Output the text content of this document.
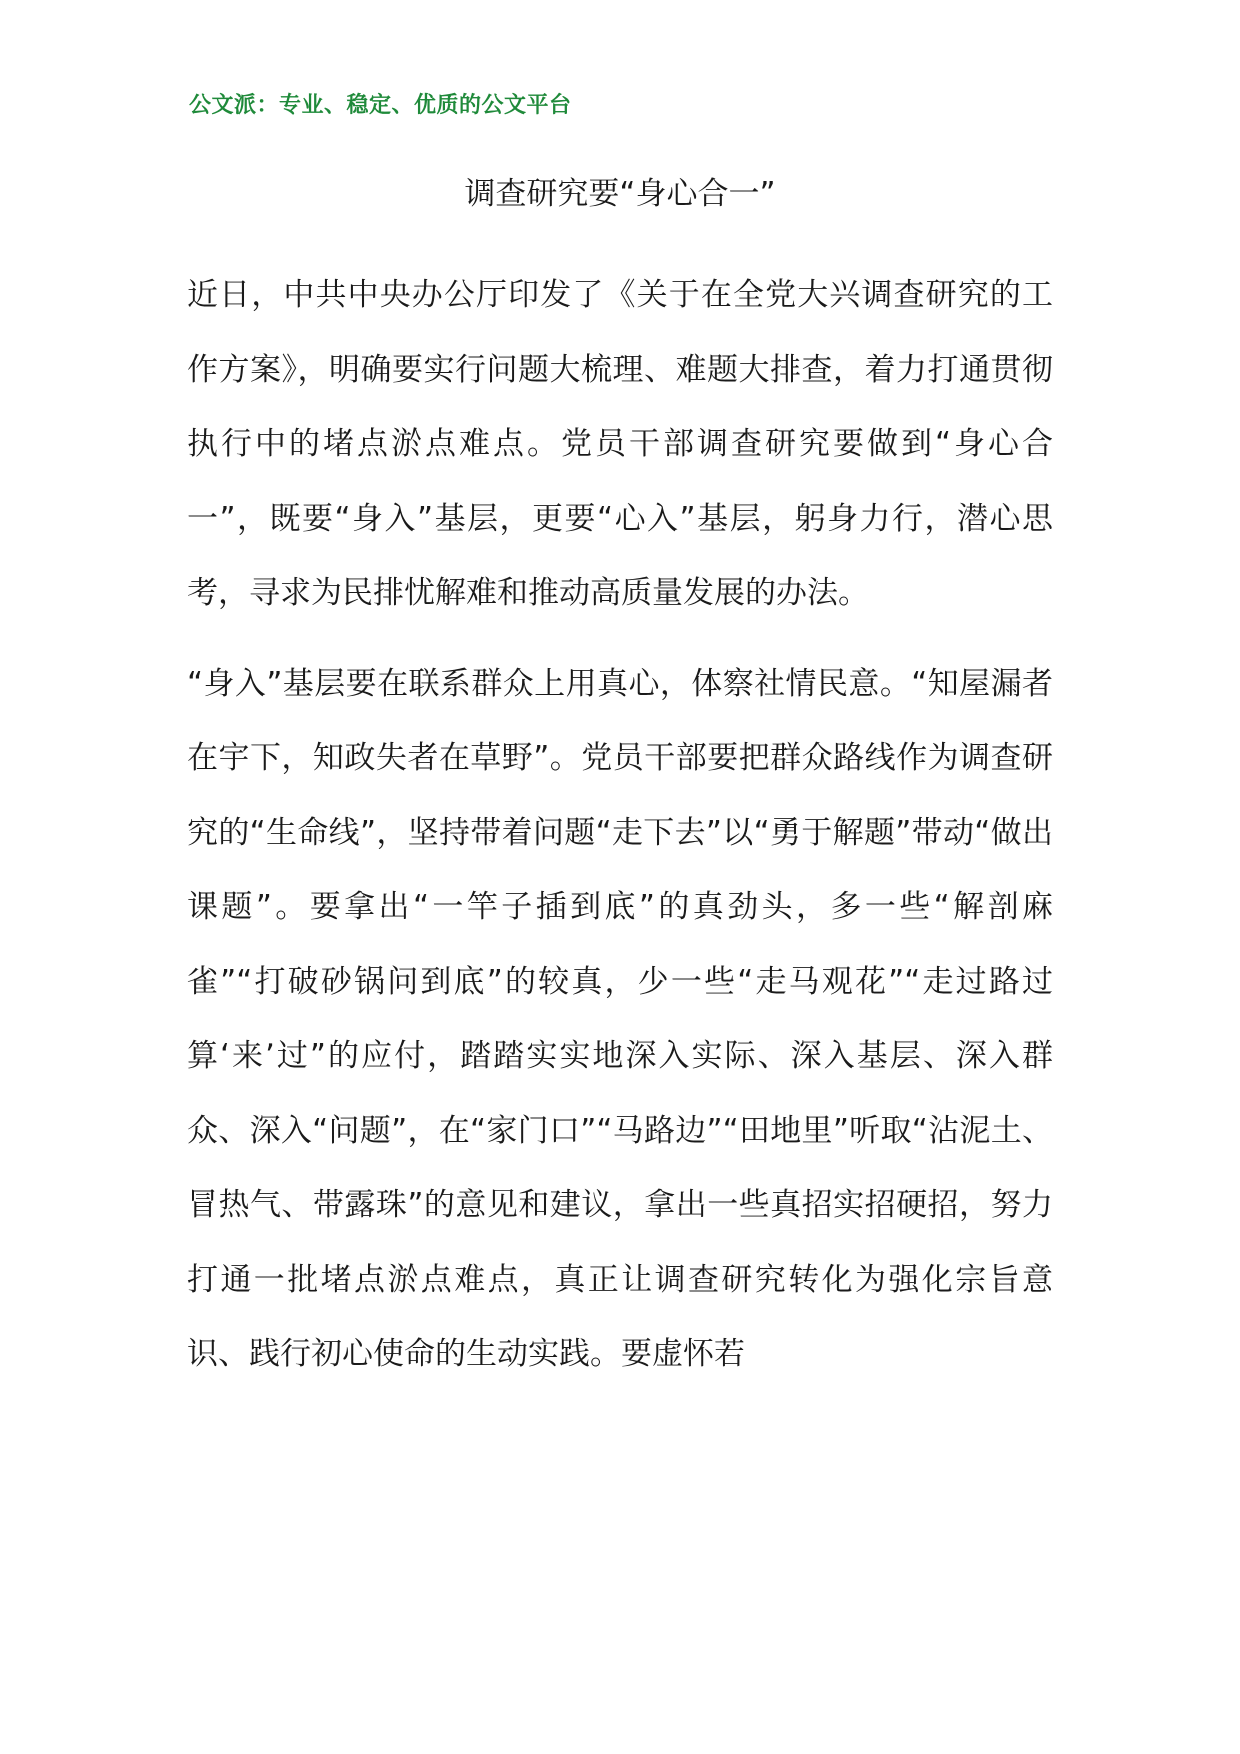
公文派：专业、稳定、优质的公文平台
调查研究要“身心合一”

近日，中共中央办公厅印发了《关于在全党大兴调查研究的工作方案》，明确要实行问题大梳理、难题大排查，着力打通贯彻执行中的堵点淤点难点。党员干部调查研究要做到“身心合一”，既要“身入”基层，更要“心入”基层，躬身力行，潜心思考，寻求为民排忧解难和推动高质量发展的办法。

“身入”基层要在联系群众上用真心，体察社情民意。“知屋漏者在宇下，知政失者在草野”。党员干部要把群众路线作为调查研究的“生命线”，坚持带着问题“走下去”以“勇于解题”带动“做出课题”。要拿出“一竿子插到底”的真劲头，多一些“解剖麻雀”“打破砂锅问到底”的较真，少一些“走马观花”“走过路过算‘来’过”的应付，踏踏实实地深入实际、深入基层、深入群众、深入“问题”，在“家门口”“马路边”“田地里”听取“沾泥土、冒热气、带露珠”的意见和建议，拿出一些真招实招硬招，努力打通一批堵点淤点难点，真正让调查研究转化为强化宗旨意识、践行初心使命的生动实践。要虚怀若
